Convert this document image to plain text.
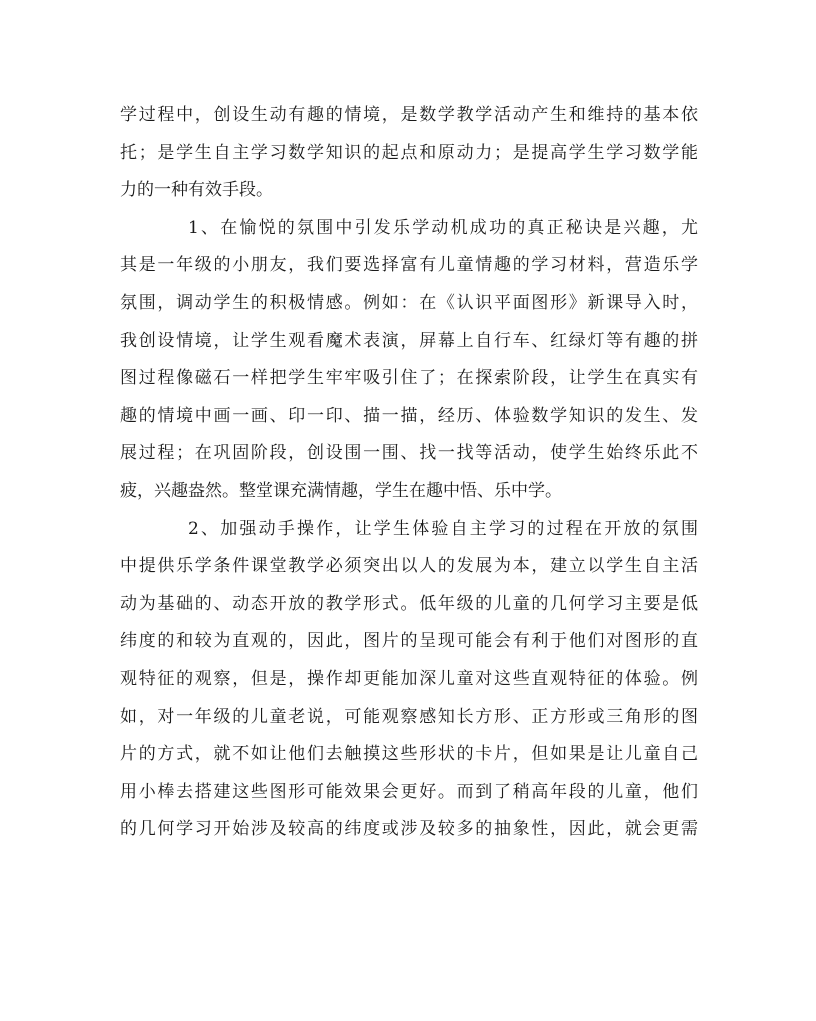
学过程中，创设生动有趣的情境，是数学教学活动产生和维持的基本依
托；是学生自主学习数学知识的起点和原动力；是提高学生学习数学能
力的一种有效手段。
1、在愉悦的氛围中引发乐学动机成功的真正秘诀是兴趣，尤
其是一年级的小朋友，我们要选择富有儿童情趣的学习材料，营造乐学
氛围，调动学生的积极情感。例如：在《认识平面图形》新课导入时，
我创设情境，让学生观看魔术表演，屏幕上自行车、红绿灯等有趣的拼
图过程像磁石一样把学生牢牢吸引住了；在探索阶段，让学生在真实有
趣的情境中画一画、印一印、描一描，经历、体验数学知识的发生、发
展过程；在巩固阶段，创设围一围、找一找等活动，使学生始终乐此不
疲，兴趣盎然。整堂课充满情趣，学生在趣中悟、乐中学。
2、加强动手操作，让学生体验自主学习的过程在开放的氛围
中提供乐学条件课堂教学必须突出以人的发展为本，建立以学生自主活
动为基础的、动态开放的教学形式。低年级的儿童的几何学习主要是低
纬度的和较为直观的，因此，图片的呈现可能会有利于他们对图形的直
观特征的观察，但是，操作却更能加深儿童对这些直观特征的体验。例
如，对一年级的儿童老说，可能观察感知长方形、正方形或三角形的图
片的方式，就不如让他们去触摸这些形状的卡片，但如果是让儿童自己
用小棒去搭建这些图形可能效果会更好。而到了稍高年段的儿童，他们
的几何学习开始涉及较高的纬度或涉及较多的抽象性，因此，就会更需
